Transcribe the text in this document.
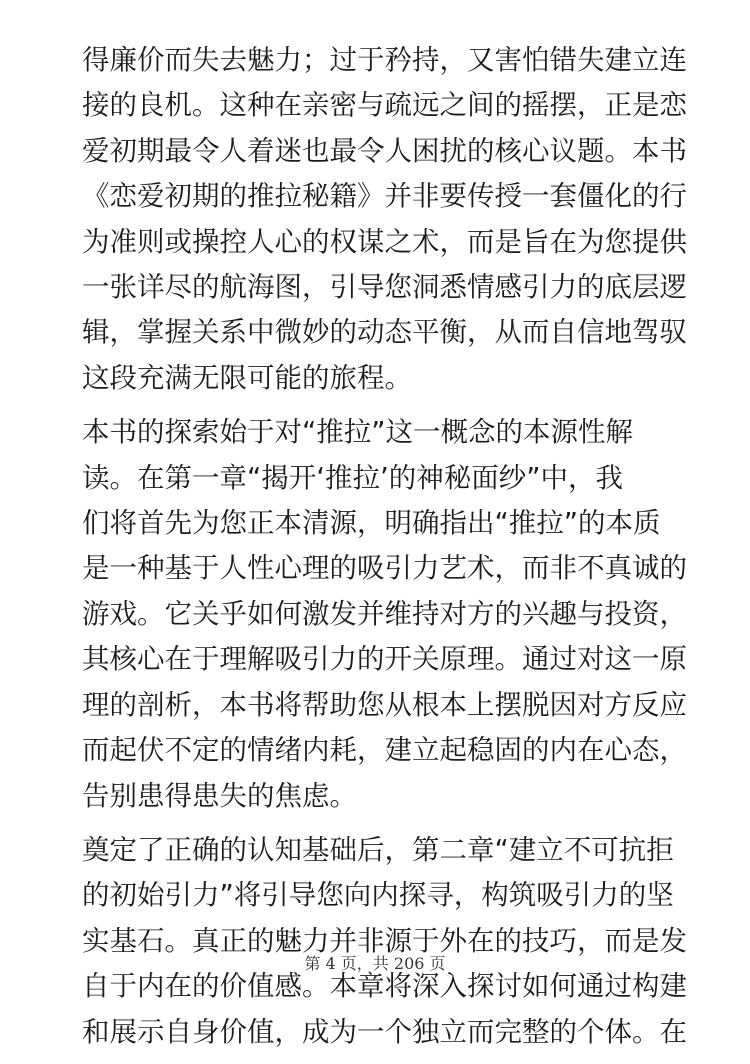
得廉价而失去魅力；过于矜持，又害怕错失建立连
接的良机。这种在亲密与疏远之间的摇摆，正是恋
爱初期最令人着迷也最令人困扰的核心议题。本书
《恋爱初期的推拉秘籍》并非要传授一套僵化的行
为准则或操控人心的权谋之术，而是旨在为您提供
一张详尽的航海图，引导您洞悉情感引力的底层逻
辑，掌握关系中微妙的动态平衡，从而自信地驾驭
这段充满无限可能的旅程。

本书的探索始于对“推拉”这一概念的本源性解
读。在第一章“揭开‘推拉’的神秘面纱”中，我
们将首先为您正本清源，明确指出“推拉”的本质
是一种基于人性心理的吸引力艺术，而非不真诚的
游戏。它关乎如何激发并维持对方的兴趣与投资，
其核心在于理解吸引力的开关原理。通过对这一原
理的剖析，本书将帮助您从根本上摆脱因对方反应
而起伏不定的情绪内耗，建立起稳固的内在心态，
告别患得患失的焦虑。

奠定了正确的认知基础后，第二章“建立不可抗拒
的初始引力”将引导您向内探寻，构筑吸引力的坚
实基石。真正的魅力并非源于外在的技巧，而是发
自于内在的价值感。本章将深入探讨如何通过构建
和展示自身价值，成为一个独立而完整的个体。在

第 4 页，共 206 页
